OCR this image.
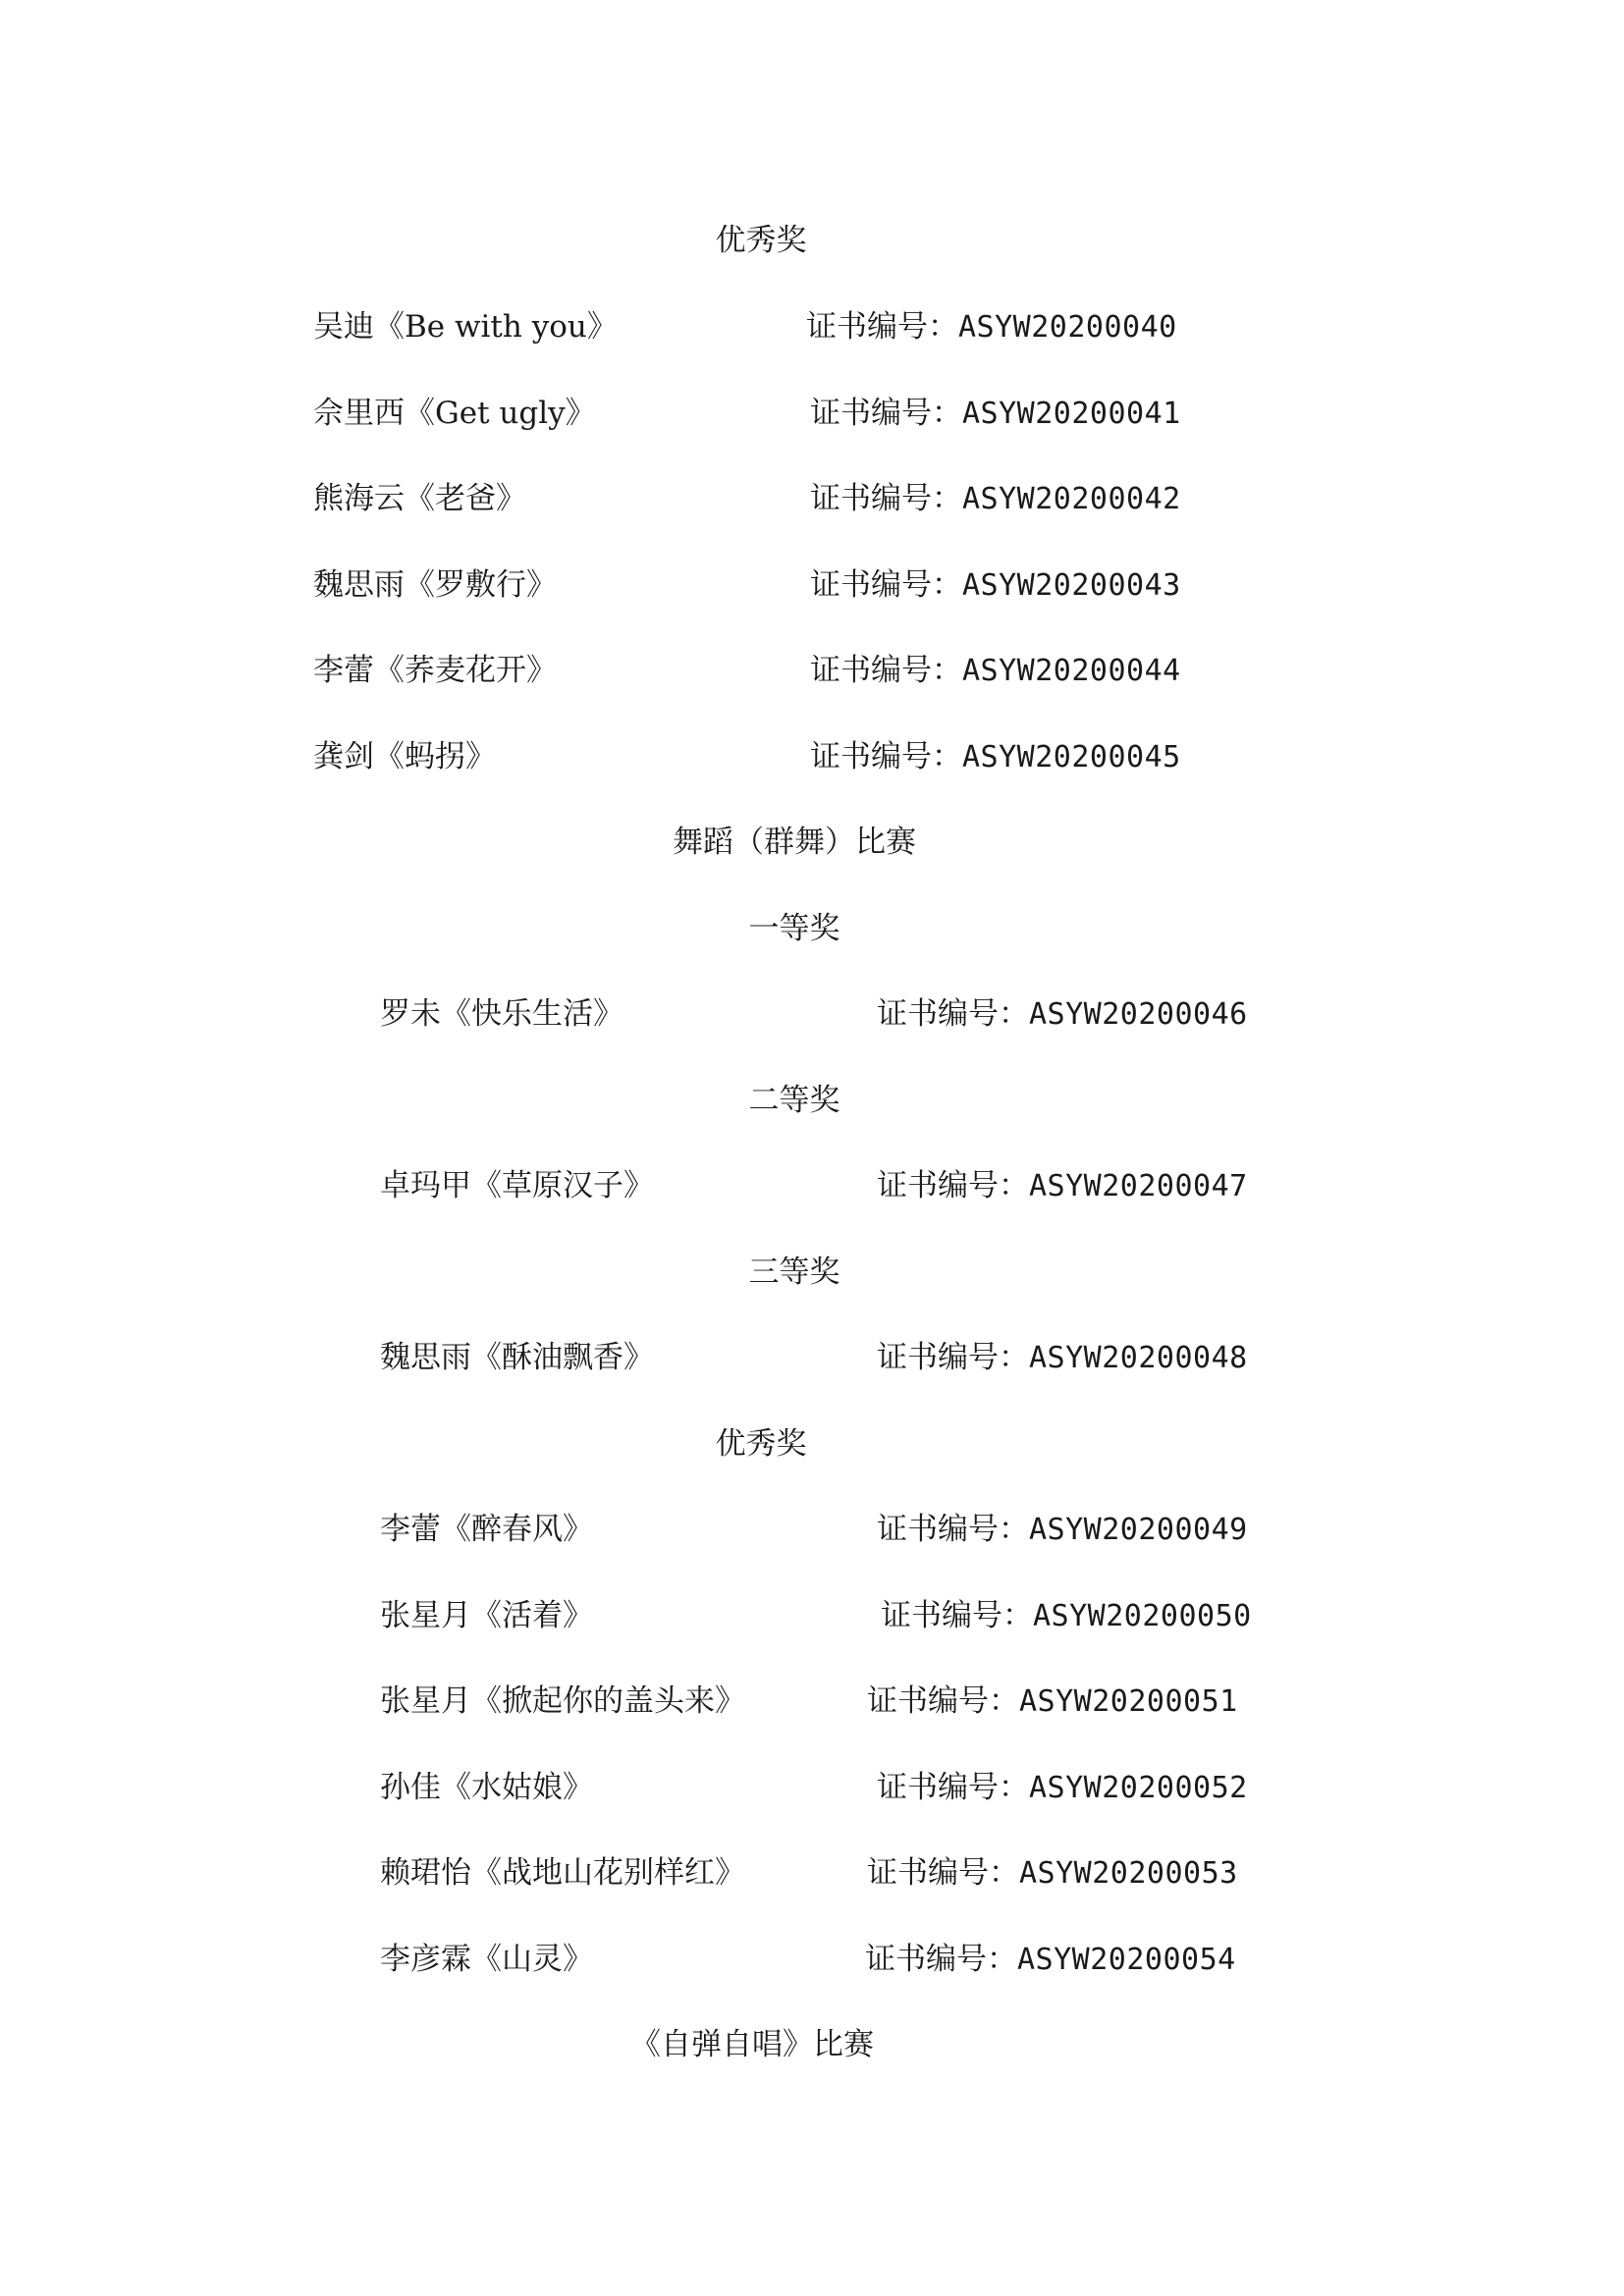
优秀奖
吴迪《Be with you》	证书编号：ASYW20200040
佘里西《Get ugly》	证书编号：ASYW20200041
熊海云《老爸》	证书编号：ASYW20200042
魏思雨《罗敷行》	证书编号：ASYW20200043
李蕾《荞麦花开》	证书编号：ASYW20200044
龚剑《蚂拐》	证书编号：ASYW20200045
舞蹈（群舞）比赛
一等奖
罗未《快乐生活》	证书编号：ASYW20200046
二等奖
卓玛甲《草原汉子》	证书编号：ASYW20200047
三等奖
魏思雨《酥油飘香》	证书编号：ASYW20200048
优秀奖
李蕾《醉春风》	证书编号：ASYW20200049
张星月《活着》	证书编号：ASYW20200050
张星月《掀起你的盖头来》	证书编号：ASYW20200051
孙佳《水姑娘》	证书编号：ASYW20200052
赖珺怡《战地山花别样红》	证书编号：ASYW20200053
李彦霖《山灵》	证书编号：ASYW20200054
《自弹自唱》比赛
